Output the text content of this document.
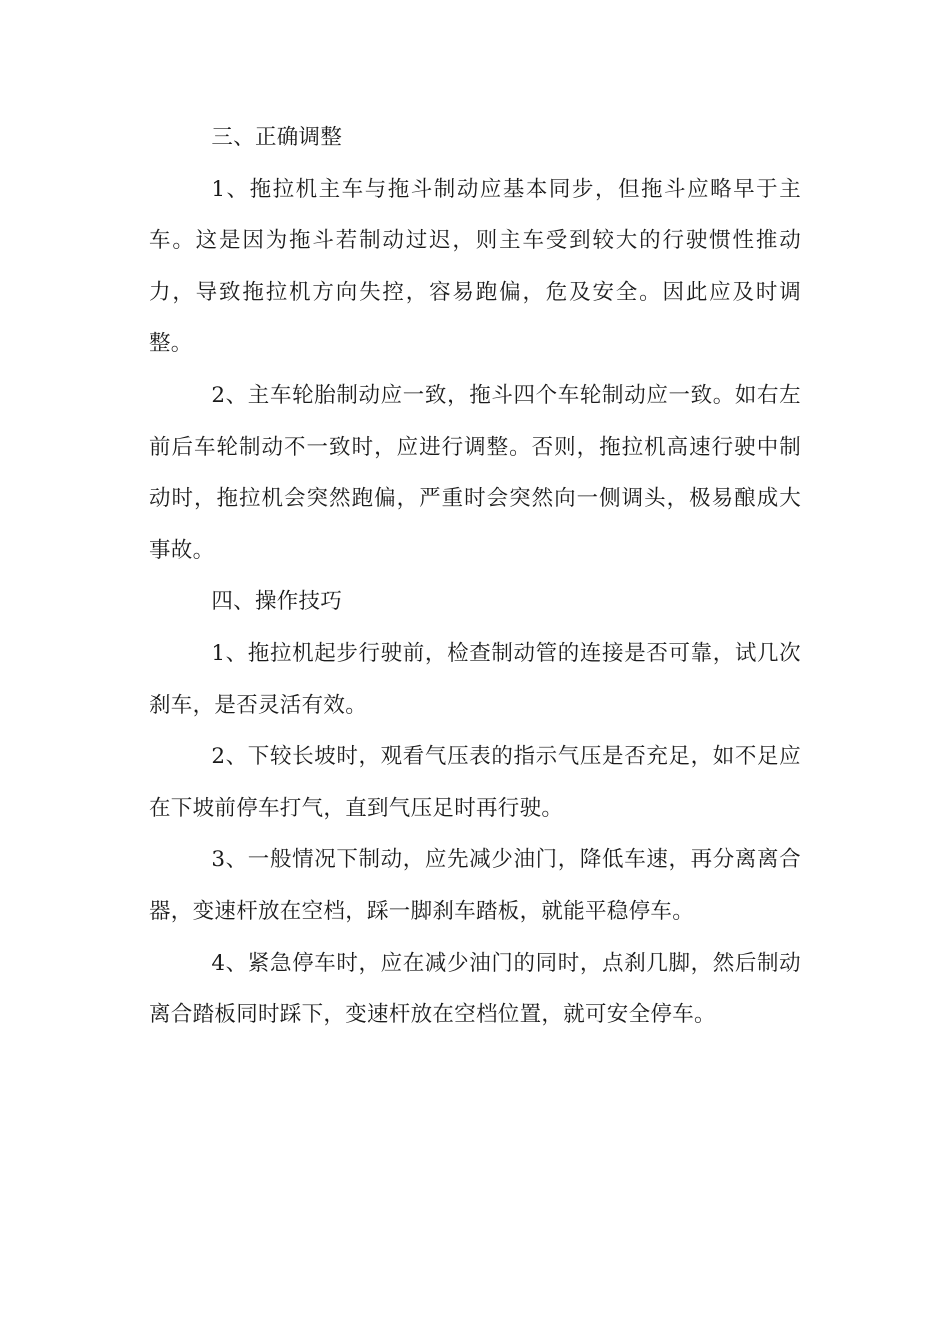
三、正确调整

1、拖拉机主车与拖斗制动应基本同步，但拖斗应略早于主车。这是因为拖斗若制动过迟，则主车受到较大的行驶惯性推动力，导致拖拉机方向失控，容易跑偏，危及安全。因此应及时调整。

2、主车轮胎制动应一致，拖斗四个车轮制动应一致。如右左前后车轮制动不一致时，应进行调整。否则，拖拉机高速行驶中制动时，拖拉机会突然跑偏，严重时会突然向一侧调头，极易酿成大事故。

四、操作技巧

1、拖拉机起步行驶前，检查制动管的连接是否可靠，试几次刹车，是否灵活有效。

2、下较长坡时，观看气压表的指示气压是否充足，如不足应在下坡前停车打气，直到气压足时再行驶。

3、一般情况下制动，应先减少油门，降低车速，再分离离合器，变速杆放在空档，踩一脚刹车踏板，就能平稳停车。

4、紧急停车时，应在减少油门的同时，点刹几脚，然后制动离合踏板同时踩下，变速杆放在空档位置，就可安全停车。
